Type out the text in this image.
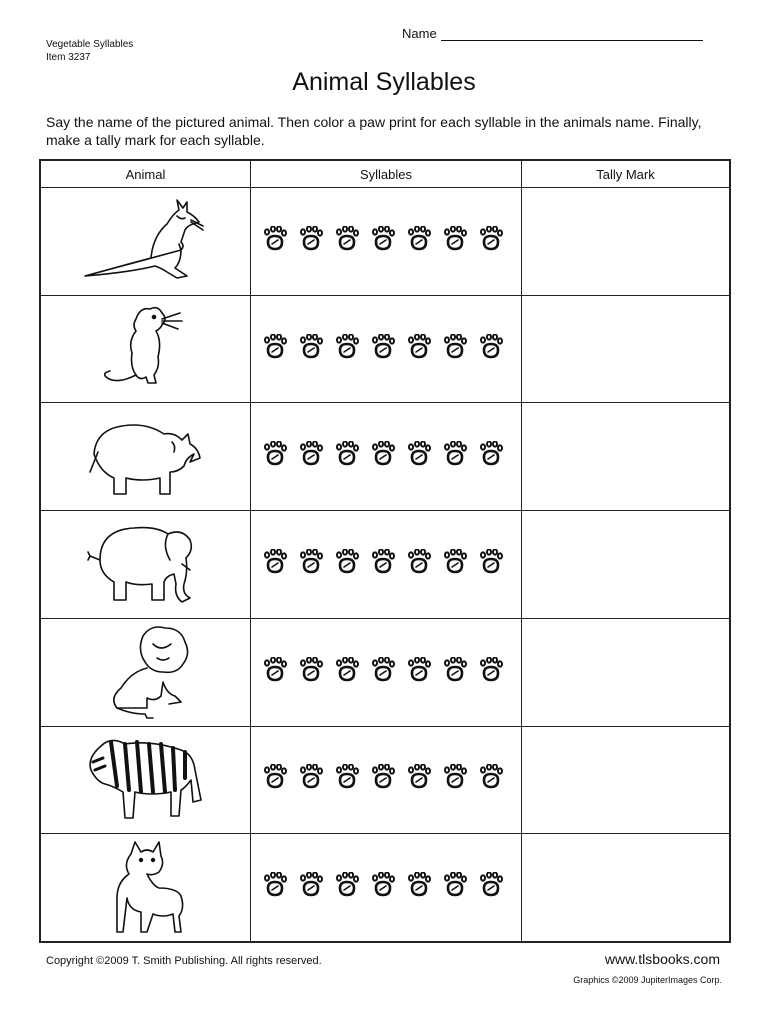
Vegetable Syllables
Item 3237
Name
Animal Syllables
Say the name of the pictured animal. Then color a paw print for each syllable in the animals name. Finally, make a tally mark for each syllable.
Animal	Syllables	Tally Mark

Copyright ©2009 T. Smith Publishing. All rights reserved.	www.tlsbooks.com
Graphics ©2009 JupiterImages Corp.
